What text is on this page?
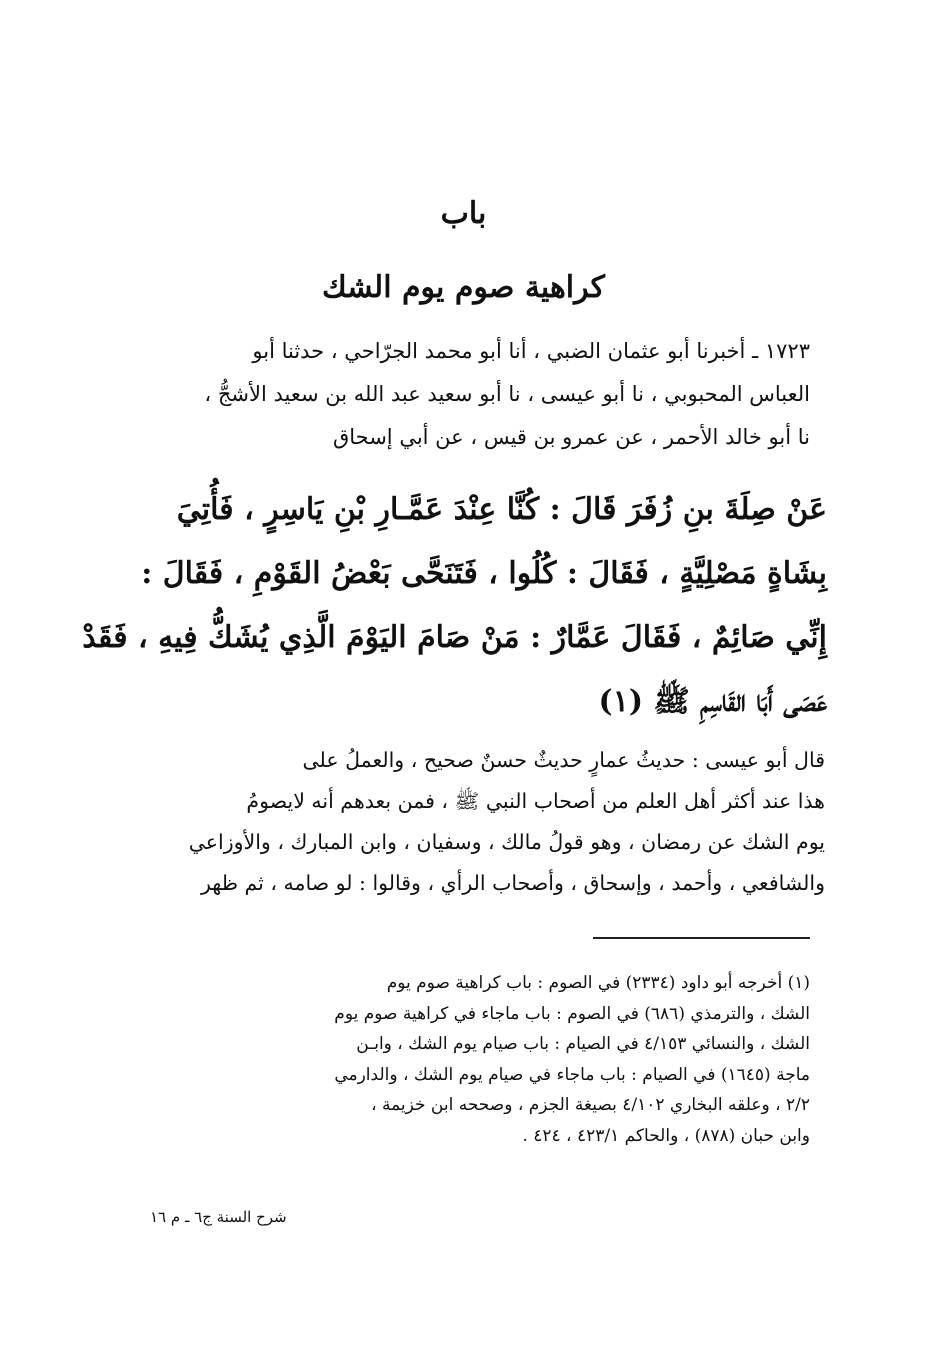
باب
كراهية صوم يوم الشك
١٧٢٣ ـ أخبرنا أبو عثمان الضبي ، أنا أبو محمد الجرّاحي ، حدثنا أبو
العباس المحبوبي ، نا أبو عيسى ، نا أبو سعيد عبد الله بن سعيد الأشجُّ ،
نا أبو خالد الأحمر ، عن عمرو بن قيس ، عن أبي إسحاق
عَنْ صِلَةَ بنِ زُفَرَ قَالَ : كُنَّا عِنْدَ عَمَّـارِ بْنِ يَاسِرٍ ، فَأُتِيَ
بِشَاةٍ مَصْلِيَّةٍ ، فَقَالَ : كُلُوا ، فَتَنَحَّى بَعْضُ القَوْمِ ، فَقَالَ :
إِنِّي صَائِمٌ ، فَقَالَ عَمَّارٌ : مَنْ صَامَ اليَوْمَ الَّذِي يُشَكُّ فِيهِ ، فَقَدْ
عَصَى أَبَا القَاسِمِ ﷺ (١)
قال أبو عيسى : حديثُ عمارٍ حديثٌ حسنٌ صحيح ، والعملُ على
هذا عند أكثر أهل العلم من أصحاب النبي ﷺ ، فمن بعدهم أنه لايصومُ
يوم الشك عن رمضان ، وهو قولُ مالك ، وسفيان ، وابن المبارك ، والأوزاعي
والشافعي ، وأحمد ، وإسحاق ، وأصحاب الرأي ، وقالوا : لو صامه ، ثم ظهر
(١) أخرجه أبو داود (٢٣٣٤) في الصوم : باب كراهية صوم يوم
الشك ، والترمذي (٦٨٦) في الصوم : باب ماجاء في كراهية صوم يوم
الشك ، والنسائي ٤/١٥٣ في الصيام : باب صيام يوم الشك ، وابـن
ماجة (١٦٤٥) في الصيام : باب ماجاء في صيام يوم الشك ، والدارمي
٢/٢ ، وعلقه البخاري ٤/١٠٢ بصيغة الجزم ، وصححه ابن خزيمة ،
وابن حبان (٨٧٨) ، والحاكم ٤٢٣/١ ، ٤٢٤ .
شرح السنة ج٦ ـ م ١٦
